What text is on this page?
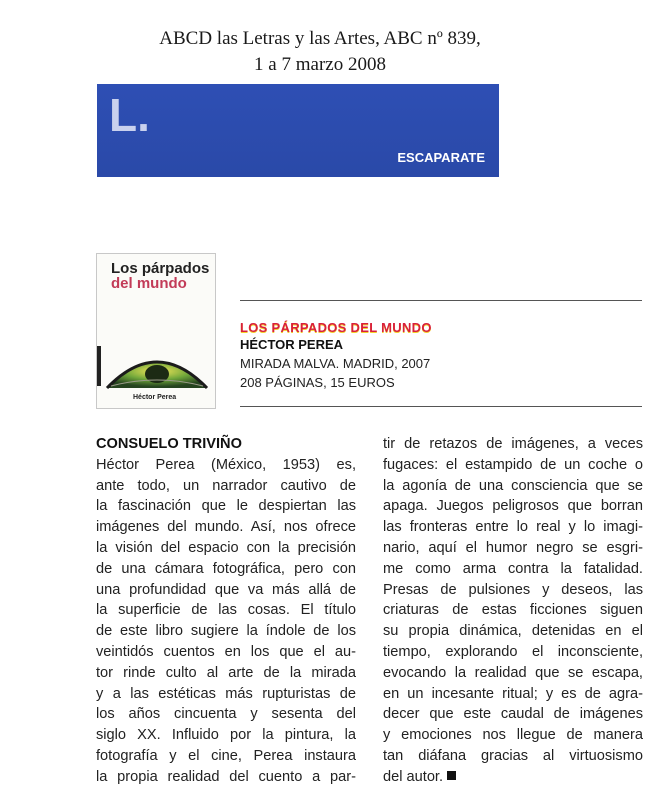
ABCD las Letras y las Artes, ABC nº 839,
1 a 7 marzo 2008
L.
ESCAPARATE
Los párpados
del mundo
Héctor Perea
LOS PÁRPADOS DEL MUNDO
HÉCTOR PEREA
MIRADA MALVA. MADRID, 2007
208 PÁGINAS, 15 EUROS
CONSUELO TRIVIÑO
Héctor Perea (México, 1953) es,
ante todo, un narrador cautivo de
la fascinación que le despiertan las
imágenes del mundo. Así, nos ofrece
la visión del espacio con la precisión
de una cámara fotográfica, pero con
una profundidad que va más allá de
la superficie de las cosas. El título
de este libro sugiere la índole de los
veintidós cuentos en los que el au-
tor rinde culto al arte de la mirada
y a las estéticas más rupturistas de
los años cincuenta y sesenta del
siglo XX. Influido por la pintura, la
fotografía y el cine, Perea instaura
la propia realidad del cuento a par-
tir de retazos de imágenes, a veces
fugaces: el estampido de un coche o
la agonía de una consciencia que se
apaga. Juegos peligrosos que borran
las fronteras entre lo real y lo imagi-
nario, aquí el humor negro se esgri-
me como arma contra la fatalidad.
Presas de pulsiones y deseos, las
criaturas de estas ficciones siguen
su propia dinámica, detenidas en el
tiempo, explorando el inconsciente,
evocando la realidad que se escapa,
en un incesante ritual; y es de agra-
decer que este caudal de imágenes
y emociones nos llegue de manera
tan diáfana gracias al virtuosismo
del autor.
